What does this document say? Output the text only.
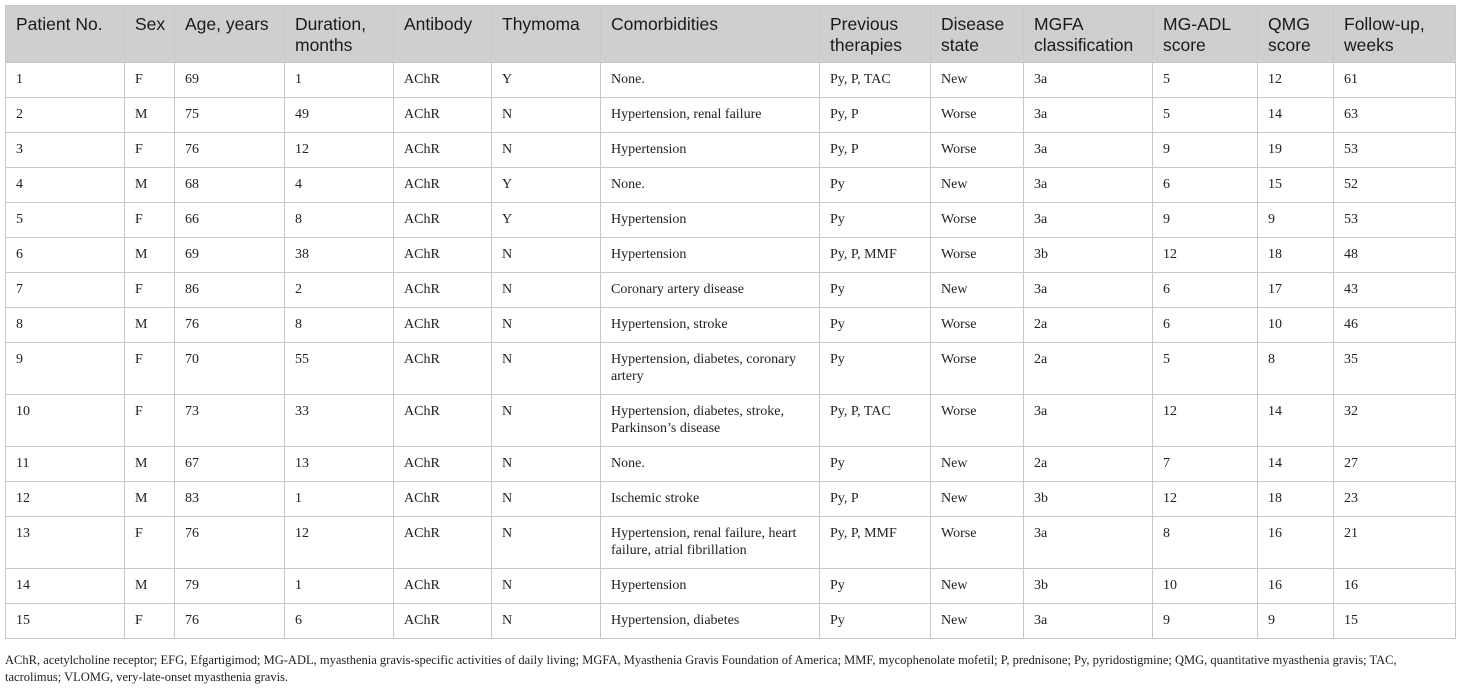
Patient No.	Sex	Age, years	Duration, months	Antibody	Thymoma	Comorbidities	Previous therapies	Disease state	MGFA classification	MG-ADL score	QMG score	Follow-up, weeks
1	F	69	1	AChR	Y	None.	Py, P, TAC	New	3a	5	12	61
2	M	75	49	AChR	N	Hypertension, renal failure	Py, P	Worse	3a	5	14	63
3	F	76	12	AChR	N	Hypertension	Py, P	Worse	3a	9	19	53
4	M	68	4	AChR	Y	None.	Py	New	3a	6	15	52
5	F	66	8	AChR	Y	Hypertension	Py	Worse	3a	9	9	53
6	M	69	38	AChR	N	Hypertension	Py, P, MMF	Worse	3b	12	18	48
7	F	86	2	AChR	N	Coronary artery disease	Py	New	3a	6	17	43
8	M	76	8	AChR	N	Hypertension, stroke	Py	Worse	2a	6	10	46
9	F	70	55	AChR	N	Hypertension, diabetes, coronary artery	Py	Worse	2a	5	8	35
10	F	73	33	AChR	N	Hypertension, diabetes, stroke, Parkinson’s disease	Py, P, TAC	Worse	3a	12	14	32
11	M	67	13	AChR	N	None.	Py	New	2a	7	14	27
12	M	83	1	AChR	N	Ischemic stroke	Py, P	New	3b	12	18	23
13	F	76	12	AChR	N	Hypertension, renal failure, heart failure, atrial fibrillation	Py, P, MMF	Worse	3a	8	16	21
14	M	79	1	AChR	N	Hypertension	Py	New	3b	10	16	16
15	F	76	6	AChR	N	Hypertension, diabetes	Py	New	3a	9	9	15
AChR, acetylcholine receptor; EFG, Efgartigimod; MG-ADL, myasthenia gravis-specific activities of daily living; MGFA, Myasthenia Gravis Foundation of America; MMF, mycophenolate mofetil; P, prednisone; Py, pyridostigmine; QMG, quantitative myasthenia gravis; TAC, tacrolimus; VLOMG, very-late-onset myasthenia gravis.
